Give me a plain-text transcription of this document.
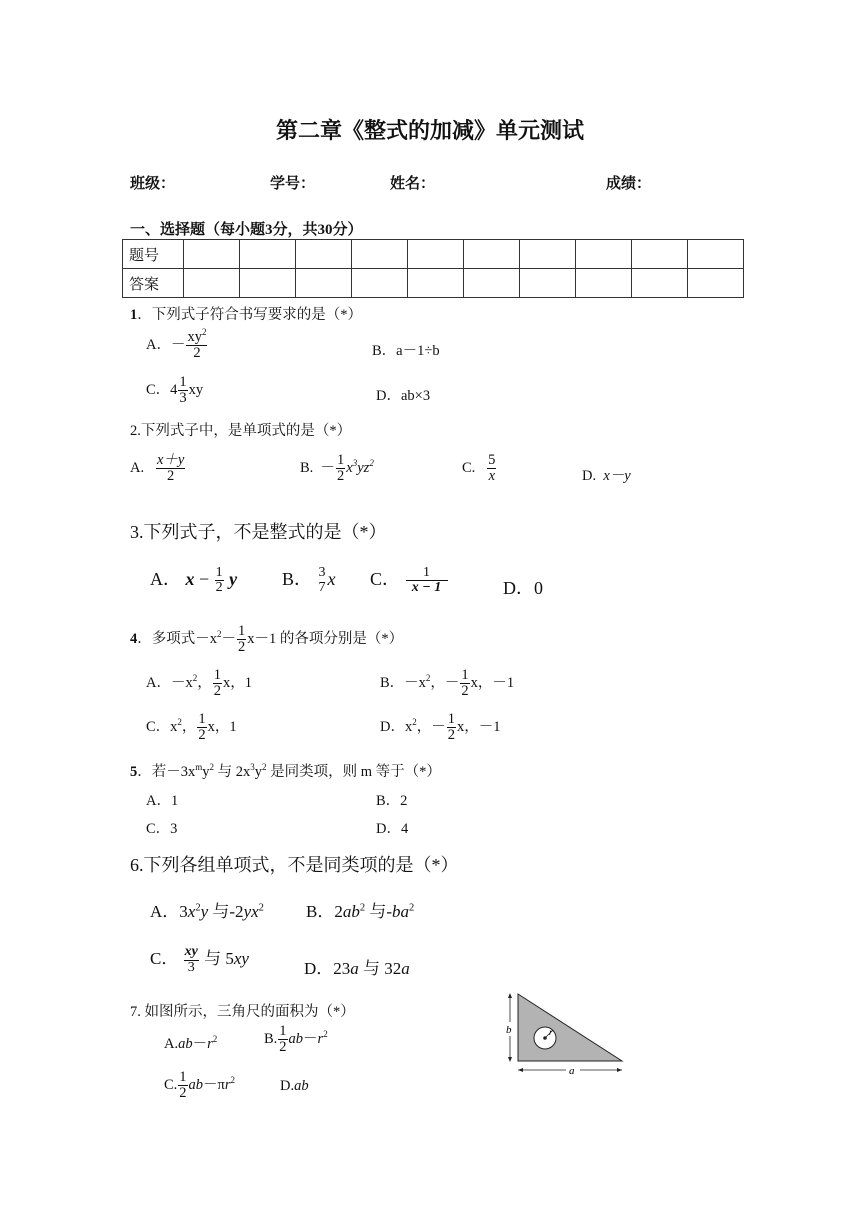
第二章《整式的加减》单元测试
班级：	学号：	姓名：	成绩：
一、选择题（每小题3分，共30分）
题号										
答案										
1．下列式子符合书写要求的是（*）
A．－ $\frac{xy^2}{2}$	B．a－1÷b
C．$4 \frac{1}{3}$ xy	D．ab×3
2.下列式子中，是单项式的是（*）
A. $\frac{x+y}{2}$	B.  － $\frac{1}{2} x^3yz^2$	C. $\frac{5}{x}$	D. x－y
3.下列式子，不是整式的是（*）
A． $x - \frac{1}{2}$ y B． 3
7 x C． $\frac{1}{x - 1}$	D．0
4．多项式$-x^2- \frac{1}{2} x-1$ 的各项分别是（*）
A．$-x^2$， $\frac{1}{2}$ x，1	B．$-x^2$，－ $\frac{1}{2}$ x，－1
C．$x^2$， $\frac{1}{2}$ x，1	D．$x^2$，－ $\frac{1}{2}$ x，－1
5．若$-3x^my^2$ 与 $2x^3y^2$ 是同类项，则 m 等于（*）
A．1	B．2
C．3	D．4
6.下列各组单项式，不是同类项的是（*）
A．$3x^2y$ 与$-2yx^2$ B．$2ab^2$ 与$-ba^2$
C． $\frac{xy}{3}$ 与 5xy
D．23a 与 32a
7. 如图所示，三角尺的面积为（*）
$A.ab-r^2$	B. $\frac{1}{2} ab-r^2$
C. $\frac{1}{2} ab-\pi r^2$	D.ab
b
a
r
